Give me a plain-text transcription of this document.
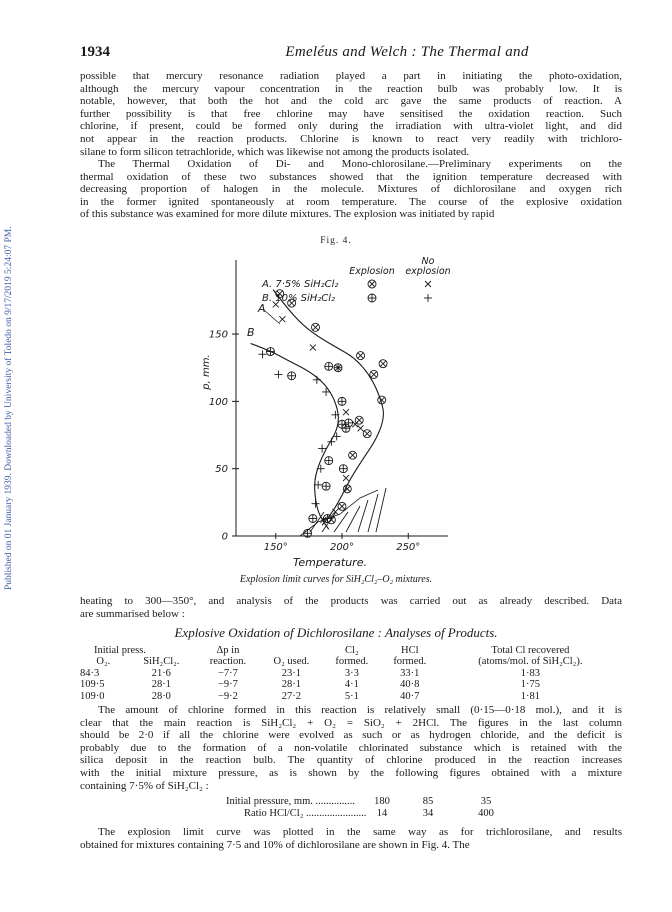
Published on 01 January 1939. Downloaded by University of Toledo on 9/17/2019 5:24:07 PM.
1934	Emeléus and Welch : The Thermal and
possible that mercury resonance radiation played a part in initiating the photo-oxidation,
although the mercury vapour concentration in the reaction bulb was probably low. It is
notable, however, that both the hot and the cold arc gave the same products of reaction. A
further possibility is that free chlorine may have sensitised the oxidation reaction. Such
chlorine, if present, could be formed only during the irradiation with ultra-violet light, and did
not appear in the reaction products. Chlorine is known to react very readily with trichloro-
silane to form silicon tetrachloride, which was likewise not among the products isolated.
The Thermal Oxidation of Di- and Mono-chlorosilane.—Preliminary experiments on the
thermal oxidation of these two substances showed that the ignition temperature decreased with
decreasing proportion of halogen in the molecule. Mixtures of dichlorosilane and oxygen rich
in the former ignited spontaneously at room temperature. The course of the explosive oxidation
of this substance was examined for more dilute mixtures. The explosion was initiated by rapid
Fig. 4.
0
50
100
150
150°	200°	250°
Temperature.
p, mm.
A
B
No
Explosion explosion
A. 7·5% SiH₂Cl₂
B. 10% SiH₂Cl₂
Explosion limit curves for SiH₂Cl₂–O₂ mixtures.
heating to 300—350°, and analysis of the products was carried out as already described. Data
are summarised below :
Explosive Oxidation of Dichlorosilane : Analyses of Products.
Initial press.		Δp in		Cl₂	HCl	Total Cl recovered
O₂.	SiH₂Cl₂.	reaction.	O₂ used.	formed.	formed.	(atoms/mol. of SiH₂Cl₂).
84·3	21·6	−7·7	23·1	3·3	33·1	1·83
109·5	28·1	−9·7	28·1	4·1	40·8	1·75
109·0	28·0	−9·2	27·2	5·1	40·7	1·81
The amount of chlorine formed in this reaction is relatively small (0·15—0·18 mol.), and it is
clear that the main reaction is SiH₂Cl₂ + O₂ = SiO₂ + 2HCl. The figures in the last column
should be 2·0 if all the chlorine were evolved as such or as hydrogen chloride, and the deficit is
probably due to the formation of a non-volatile chlorinated substance which is retained with the
silica deposit in the reaction bulb. The quantity of chlorine produced in the reaction increases
with the initial mixture pressure, as is shown by the following figures obtained with a mixture
containing 7·5% of SiH₂Cl₂ :
Initial pressure, mm. ...............	180	85	35
Ratio HCl/Cl₂ ....................... 14	34	400
The explosion limit curve was plotted in the same way as for trichlorosilane, and results
obtained for mixtures containing 7·5 and 10% of dichlorosilane are shown in Fig. 4. The
